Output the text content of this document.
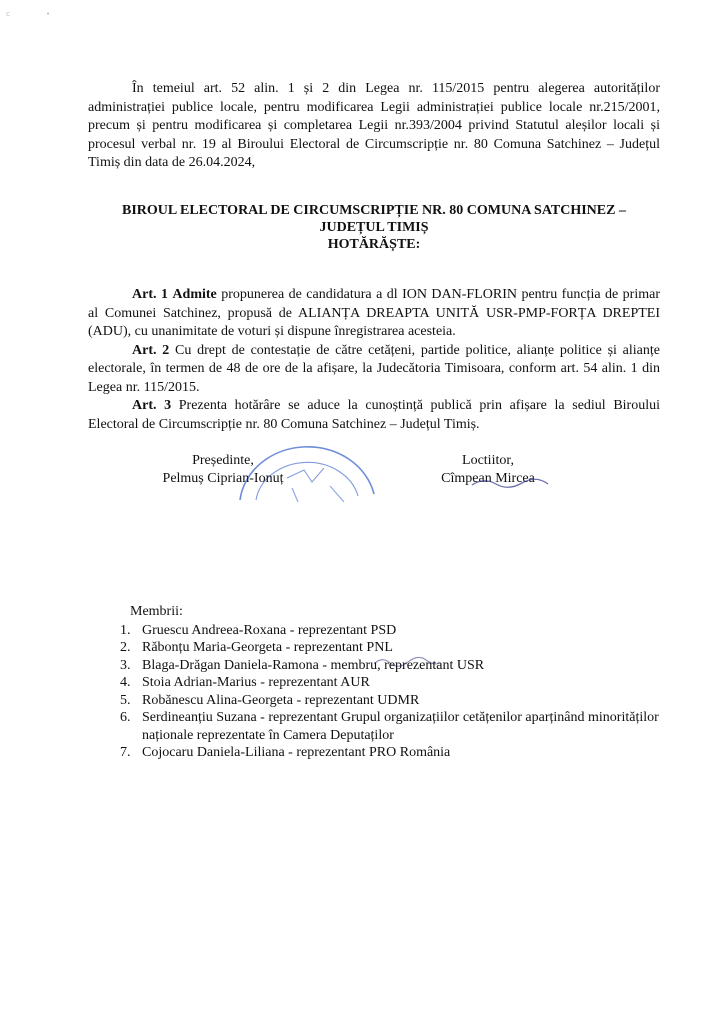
c	•

În temeiul art. 52 alin. 1 și 2 din Legea nr. 115/2015 pentru alegerea autorităților administrației publice locale, pentru modificarea Legii administrației publice locale nr.215/2001, precum și pentru modificarea și completarea Legii nr.393/2004 privind Statutul aleșilor locali și procesul verbal nr. 19 al Biroului Electoral de Circumscripție nr. 80 Comuna Satchinez – Județul Timiș din data de 26.04.2024,

BIROUL ELECTORAL DE CIRCUMSCRIPȚIE NR. 80 COMUNA SATCHINEZ –
JUDEȚUL TIMIȘ
HOTĂRĂȘTE:

Art. 1 Admite propunerea de candidatura a dl ION DAN-FLORIN pentru funcția de primar al Comunei Satchinez, propusă de ALIANȚA DREAPTA UNITĂ USR-PMP-FORȚA DREPTEI (ADU), cu unanimitate de voturi și dispune înregistrarea acesteia.

Art. 2 Cu drept de contestație de către cetățeni, partide politice, alianțe politice și alianțe electorale, în termen de 48 de ore de la afișare, la Judecătoria Timisoara, conform art. 54 alin. 1 din Legea nr. 115/2015.

Art. 3 Prezenta hotărâre se aduce la cunoștință publică prin afișare la sediul Biroului Electoral de Circumscripție nr. 80 Comuna Satchinez – Județul Timiș.

Președinte,
Pelmuș Ciprian-Ionuț
Loctiitor,
Cîmpean Mircea
Membrii:
1. Gruescu Andreea-Roxana - reprezentant PSD
2. Răbonțu Maria-Georgeta - reprezentant PNL
3. Blaga-Drăgan Daniela-Ramona - membru, reprezentant USR
4. Stoia Adrian-Marius - reprezentant AUR
5. Robănescu Alina-Georgeta - reprezentant UDMR
6. Serdineanțiu Suzana - reprezentant Grupul organizațiilor cetățenilor aparținând minorităților naționale reprezentate în Camera Deputaților
7. Cojocaru Daniela-Liliana - reprezentant PRO România
